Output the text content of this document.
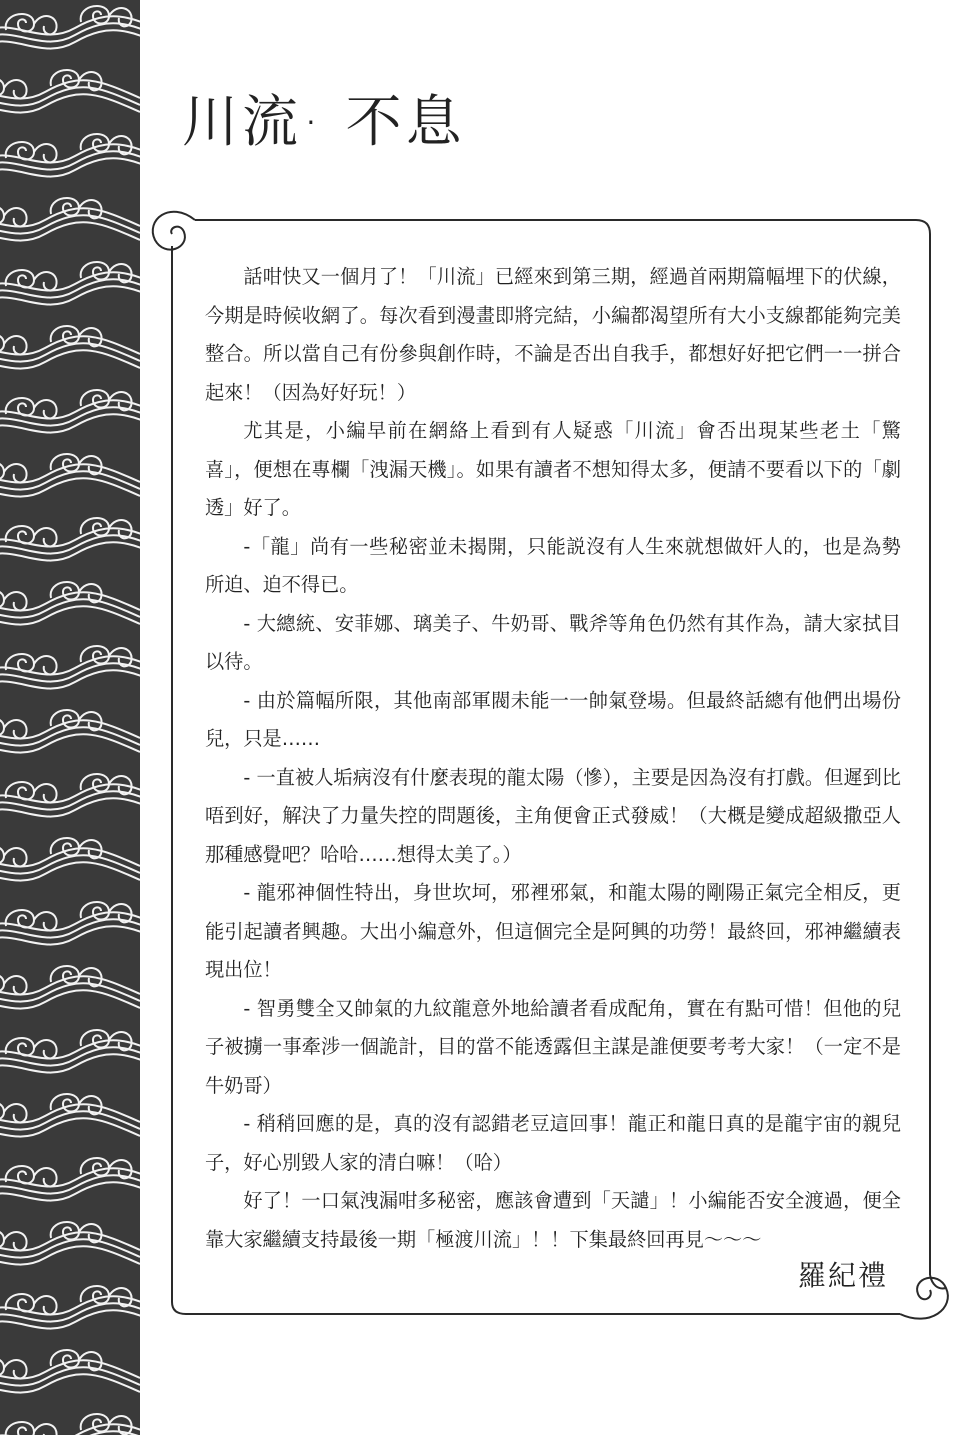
川流· 不息

話咁快又一個月了！「川流」已經來到第三期，經過首兩期篇幅埋下的伏線，今期是時候收網了。每次看到漫畫即將完結，小編都渴望所有大小支線都能夠完美整合。所以當自己有份參與創作時，不論是否出自我手，都想好好把它們一一拼合起來！（因為好好玩！）

尤其是，小編早前在網絡上看到有人疑惑「川流」會否出現某些老土「驚喜」，便想在專欄「洩漏天機」。如果有讀者不想知得太多，便請不要看以下的「劇透」好了。

-「龍」尚有一些秘密並未揭開，只能説沒有人生來就想做奸人的，也是為勢所迫、迫不得已。

- 大總統、安菲娜、璃美子、牛奶哥、戰斧等角色仍然有其作為，請大家拭目以待。

- 由於篇幅所限，其他南部軍閥未能一一帥氣登場。但最終話總有他們出場份兒，只是……

- 一直被人垢病沒有什麼表現的龍太陽（慘），主要是因為沒有打戲。但遲到比唔到好，解決了力量失控的問題後，主角便會正式發威！（大概是變成超級撒亞人那種感覺吧？哈哈……想得太美了。）

- 龍邪神個性特出，身世坎坷，邪裡邪氣，和龍太陽的剛陽正氣完全相反，更能引起讀者興趣。大出小編意外，但這個完全是阿興的功勞！最終回，邪神繼續表現出位！

- 智勇雙全又帥氣的九紋龍意外地給讀者看成配角，實在有點可惜！但他的兒子被擄一事牽涉一個詭計，目的當不能透露但主謀是誰便要考考大家！（一定不是牛奶哥）

- 稍稍回應的是，真的沒有認錯老豆這回事！龍正和龍日真的是龍宇宙的親兒子，好心別毀人家的清白嘛！（哈）

好了！一口氣洩漏咁多秘密，應該會遭到「天譴」！小編能否安全渡過，便全靠大家繼續支持最後一期「極渡川流」！！下集最終回再見～～～

羅紀禮
